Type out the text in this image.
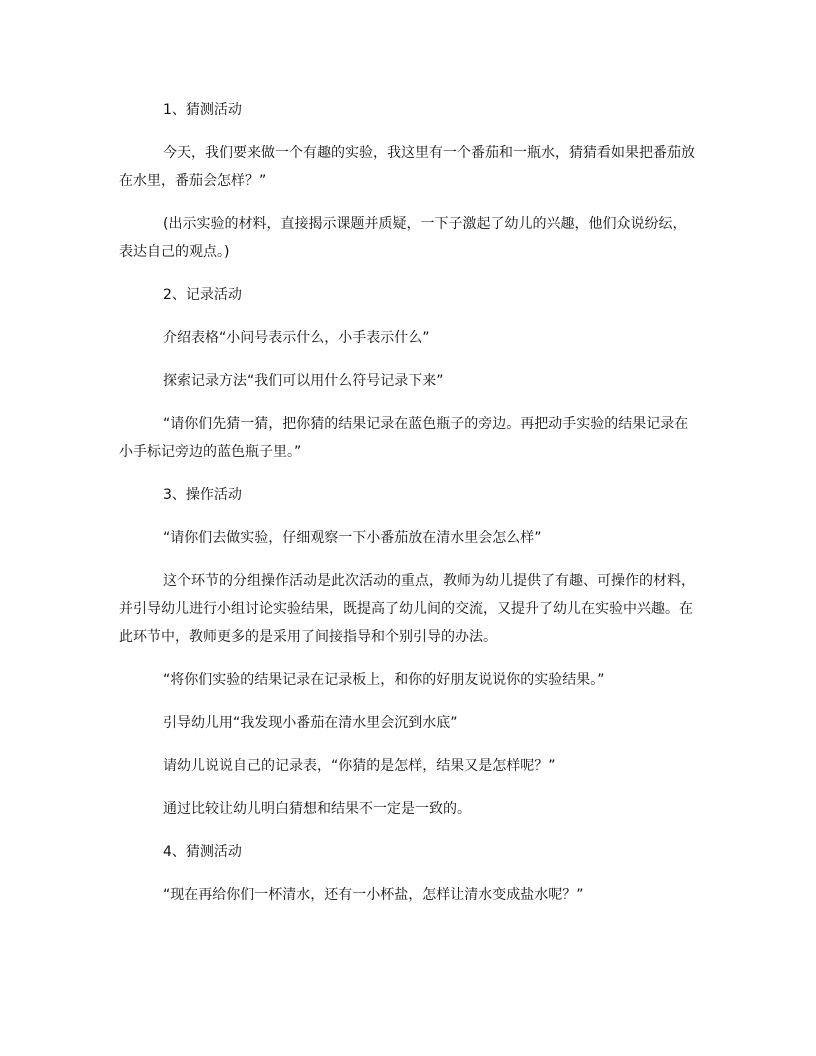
1、猜测活动

今天，我们要来做一个有趣的实验，我这里有一个番茄和一瓶水，猜猜看如果把番茄放在水里，番茄会怎样？”

(出示实验的材料，直接揭示课题并质疑，一下子激起了幼儿的兴趣，他们众说纷纭，表达自己的观点。)

2、记录活动

介绍表格“小问号表示什么，小手表示什么”

探索记录方法“我们可以用什么符号记录下来”

“请你们先猜一猜，把你猜的结果记录在蓝色瓶子的旁边。再把动手实验的结果记录在小手标记旁边的蓝色瓶子里。”

3、操作活动

“请你们去做实验，仔细观察一下小番茄放在清水里会怎么样”

这个环节的分组操作活动是此次活动的重点，教师为幼儿提供了有趣、可操作的材料，并引导幼儿进行小组讨论实验结果，既提高了幼儿间的交流，又提升了幼儿在实验中兴趣。在此环节中，教师更多的是采用了间接指导和个别引导的办法。

“将你们实验的结果记录在记录板上，和你的好朋友说说你的实验结果。”

引导幼儿用“我发现小番茄在清水里会沉到水底”

请幼儿说说自己的记录表，“你猜的是怎样，结果又是怎样呢？”

通过比较让幼儿明白猜想和结果不一定是一致的。

4、猜测活动

“现在再给你们一杯清水，还有一小杯盐，怎样让清水变成盐水呢？”
